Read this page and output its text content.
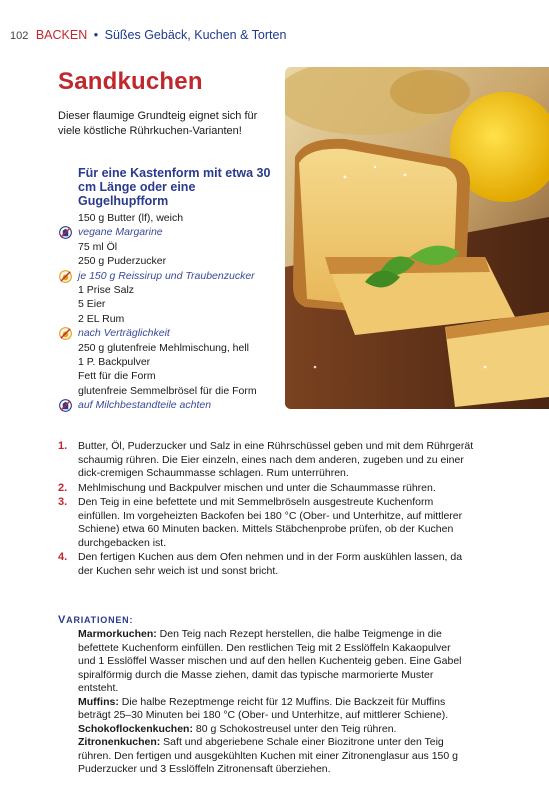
102 BACKEN • Süßes Gebäck, Kuchen & Torten
Sandkuchen
Dieser flaumige Grundteig eignet sich für viele köstliche Rührkuchen-Varianten!
Für eine Kastenform mit etwa 30 cm Länge oder eine Gugelhupfform
150 g Butter (lf), weich
vegane Margarine
75 ml Öl
250 g Puderzucker
je 150 g Reissirup und Traubenzucker
1 Prise Salz
5 Eier
2 EL Rum
nach Verträglichkeit
250 g glutenfreie Mehlmischung, hell
1 P. Backpulver
Fett für die Form
glutenfreie Semmelbrösel für die Form
auf Milchbestandteile achten
1. Butter, Öl, Puderzucker und Salz in eine Rührschüssel geben und mit dem Rührgerät schaumig rühren. Die Eier einzeln, eines nach dem anderen, zugeben und zu einer dick-cremigen Schaummasse schlagen. Rum unterrühren.
2. Mehlmischung und Backpulver mischen und unter die Schaummasse rühren.
3. Den Teig in eine befettete und mit Semmelbröseln ausgestreute Kuchenform einfüllen. Im vorgeheizten Backofen bei 180 °C (Ober- und Unterhitze, auf mittlerer Schiene) etwa 60 Minuten backen. Mittels Stäbchenprobe prüfen, ob der Kuchen durchgebacken ist.
4. Den fertigen Kuchen aus dem Ofen nehmen und in der Form auskühlen lassen, da der Kuchen sehr weich ist und sonst bricht.
VARIATIONEN:

Marmorkuchen: Den Teig nach Rezept herstellen, die halbe Teigmenge in die befettete Kuchenform einfüllen. Den restlichen Teig mit 2 Esslöffeln Kakaopulver und 1 Esslöffel Wasser mischen und auf den hellen Kuchenteig geben. Eine Gabel spiralförmig durch die Masse ziehen, damit das typische marmorierte Muster entsteht.

Muffins: Die halbe Rezeptmenge reicht für 12 Muffins. Die Backzeit für Muffins beträgt 25–30 Minuten bei 180 °C (Ober- und Unterhitze, auf mittlerer Schiene).

Schokoflockenkuchen: 80 g Schokostreusel unter den Teig rühren.

Zitronenkuchen: Saft und abgeriebene Schale einer Biozitrone unter den Teig rühren. Den fertigen und ausgekühlten Kuchen mit einer Zitronenglasur aus 150 g Puderzucker und 3 Esslöffeln Zitronensaft überziehen.
